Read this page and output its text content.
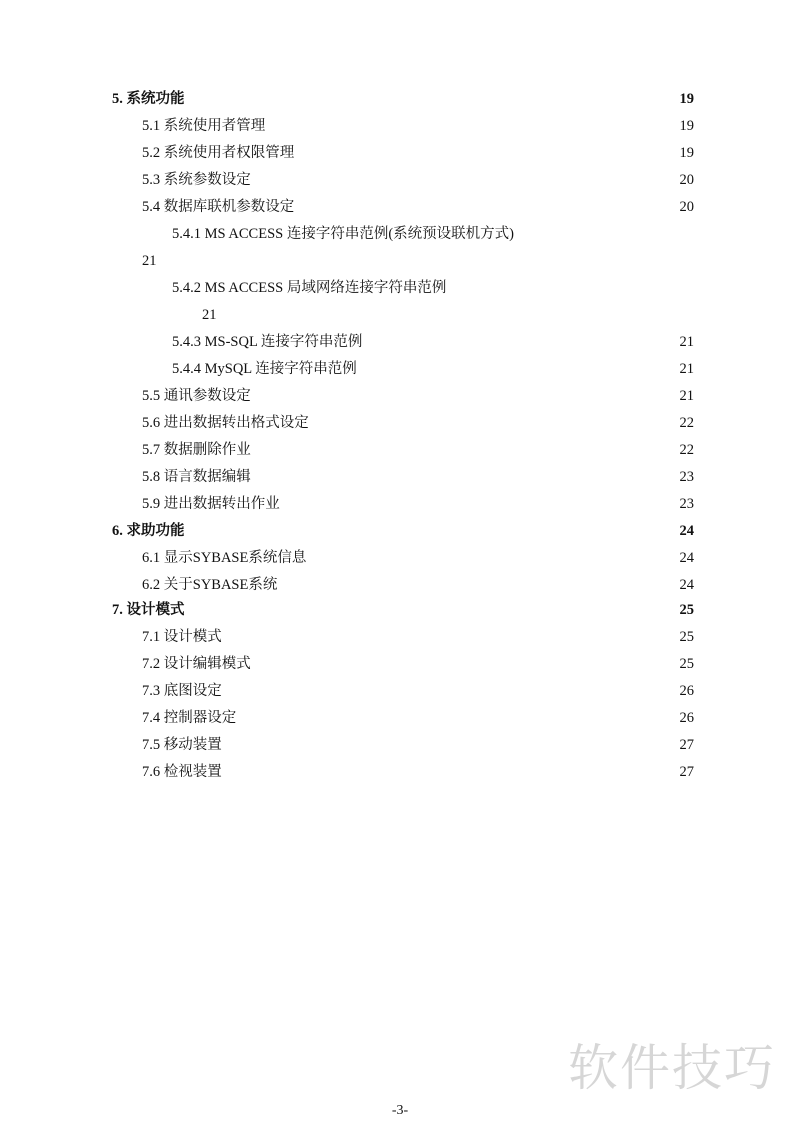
5. 系统功能	19
5.1 系统使用者管理	19
5.2 系统使用者权限管理	19
5.3 系统参数设定	20
5.4 数据库联机参数设定	20
5.4.1 MS ACCESS 连接字符串范例(系统预设联机方式)
21
5.4.2 MS ACCESS 局域网络连接字符串范例
21
5.4.3 MS-SQL 连接字符串范例	21
5.4.4 MySQL 连接字符串范例	21
5.5 通讯参数设定	21
5.6 进出数据转出格式设定	22
5.7 数据删除作业	22
5.8 语言数据编辑	23
5.9 进出数据转出作业	23
6. 求助功能	24
6.1 显示SYBASE系统信息	24
6.2 关于SYBASE系统	24
7. 设计模式	25
7.1 设计模式	25
7.2 设计编辑模式	25
7.3 底图设定	26
7.4 控制器设定	26
7.5 移动装置	27
7.6 检视装置	27
软件技巧
-3-
